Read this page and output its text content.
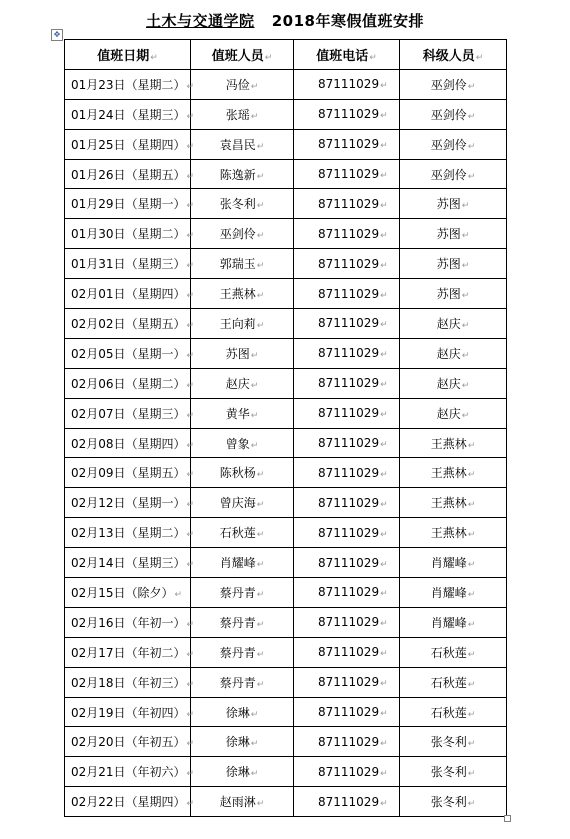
土木与交通学院 2018年寒假值班安排
✥
值班日期↵	值班人员↵	值班电话↵	科级人员↵
01月23日（星期二）↵	冯俭↵	87111029↵	巫剑伶↵
01月24日（星期三）↵	张瑶↵	87111029↵	巫剑伶↵
01月25日（星期四）↵	袁昌民↵	87111029↵	巫剑伶↵
01月26日（星期五）↵	陈逸新↵	87111029↵	巫剑伶↵
01月29日（星期一）↵	张冬利↵	87111029↵	苏图↵
01月30日（星期二）↵	巫剑伶↵	87111029↵	苏图↵
01月31日（星期三）↵	郭瑞玉↵	87111029↵	苏图↵
02月01日（星期四）↵	王燕林↵	87111029↵	苏图↵
02月02日（星期五）↵	王向莉↵	87111029↵	赵庆↵
02月05日（星期一）↵	苏图↵	87111029↵	赵庆↵
02月06日（星期二）↵	赵庆↵	87111029↵	赵庆↵
02月07日（星期三）↵	黄华↵	87111029↵	赵庆↵
02月08日（星期四）↵	曾象↵	87111029↵	王燕林↵
02月09日（星期五）↵	陈秋杨↵	87111029↵	王燕林↵
02月12日（星期一）↵	曾庆海↵	87111029↵	王燕林↵
02月13日（星期二）↵	石秋莲↵	87111029↵	王燕林↵
02月14日（星期三）↵	肖耀峰↵	87111029↵	肖耀峰↵
02月15日（除夕）↵	蔡丹青↵	87111029↵	肖耀峰↵
02月16日（年初一）↵	蔡丹青↵	87111029↵	肖耀峰↵
02月17日（年初二）↵	蔡丹青↵	87111029↵	石秋莲↵
02月18日（年初三）↵	蔡丹青↵	87111029↵	石秋莲↵
02月19日（年初四）↵	徐琳↵	87111029↵	石秋莲↵
02月20日（年初五）↵	徐琳↵	87111029↵	张冬利↵
02月21日（年初六）↵	徐琳↵	87111029↵	张冬利↵
02月22日（星期四）↵	赵雨淋↵	87111029↵	张冬利↵
